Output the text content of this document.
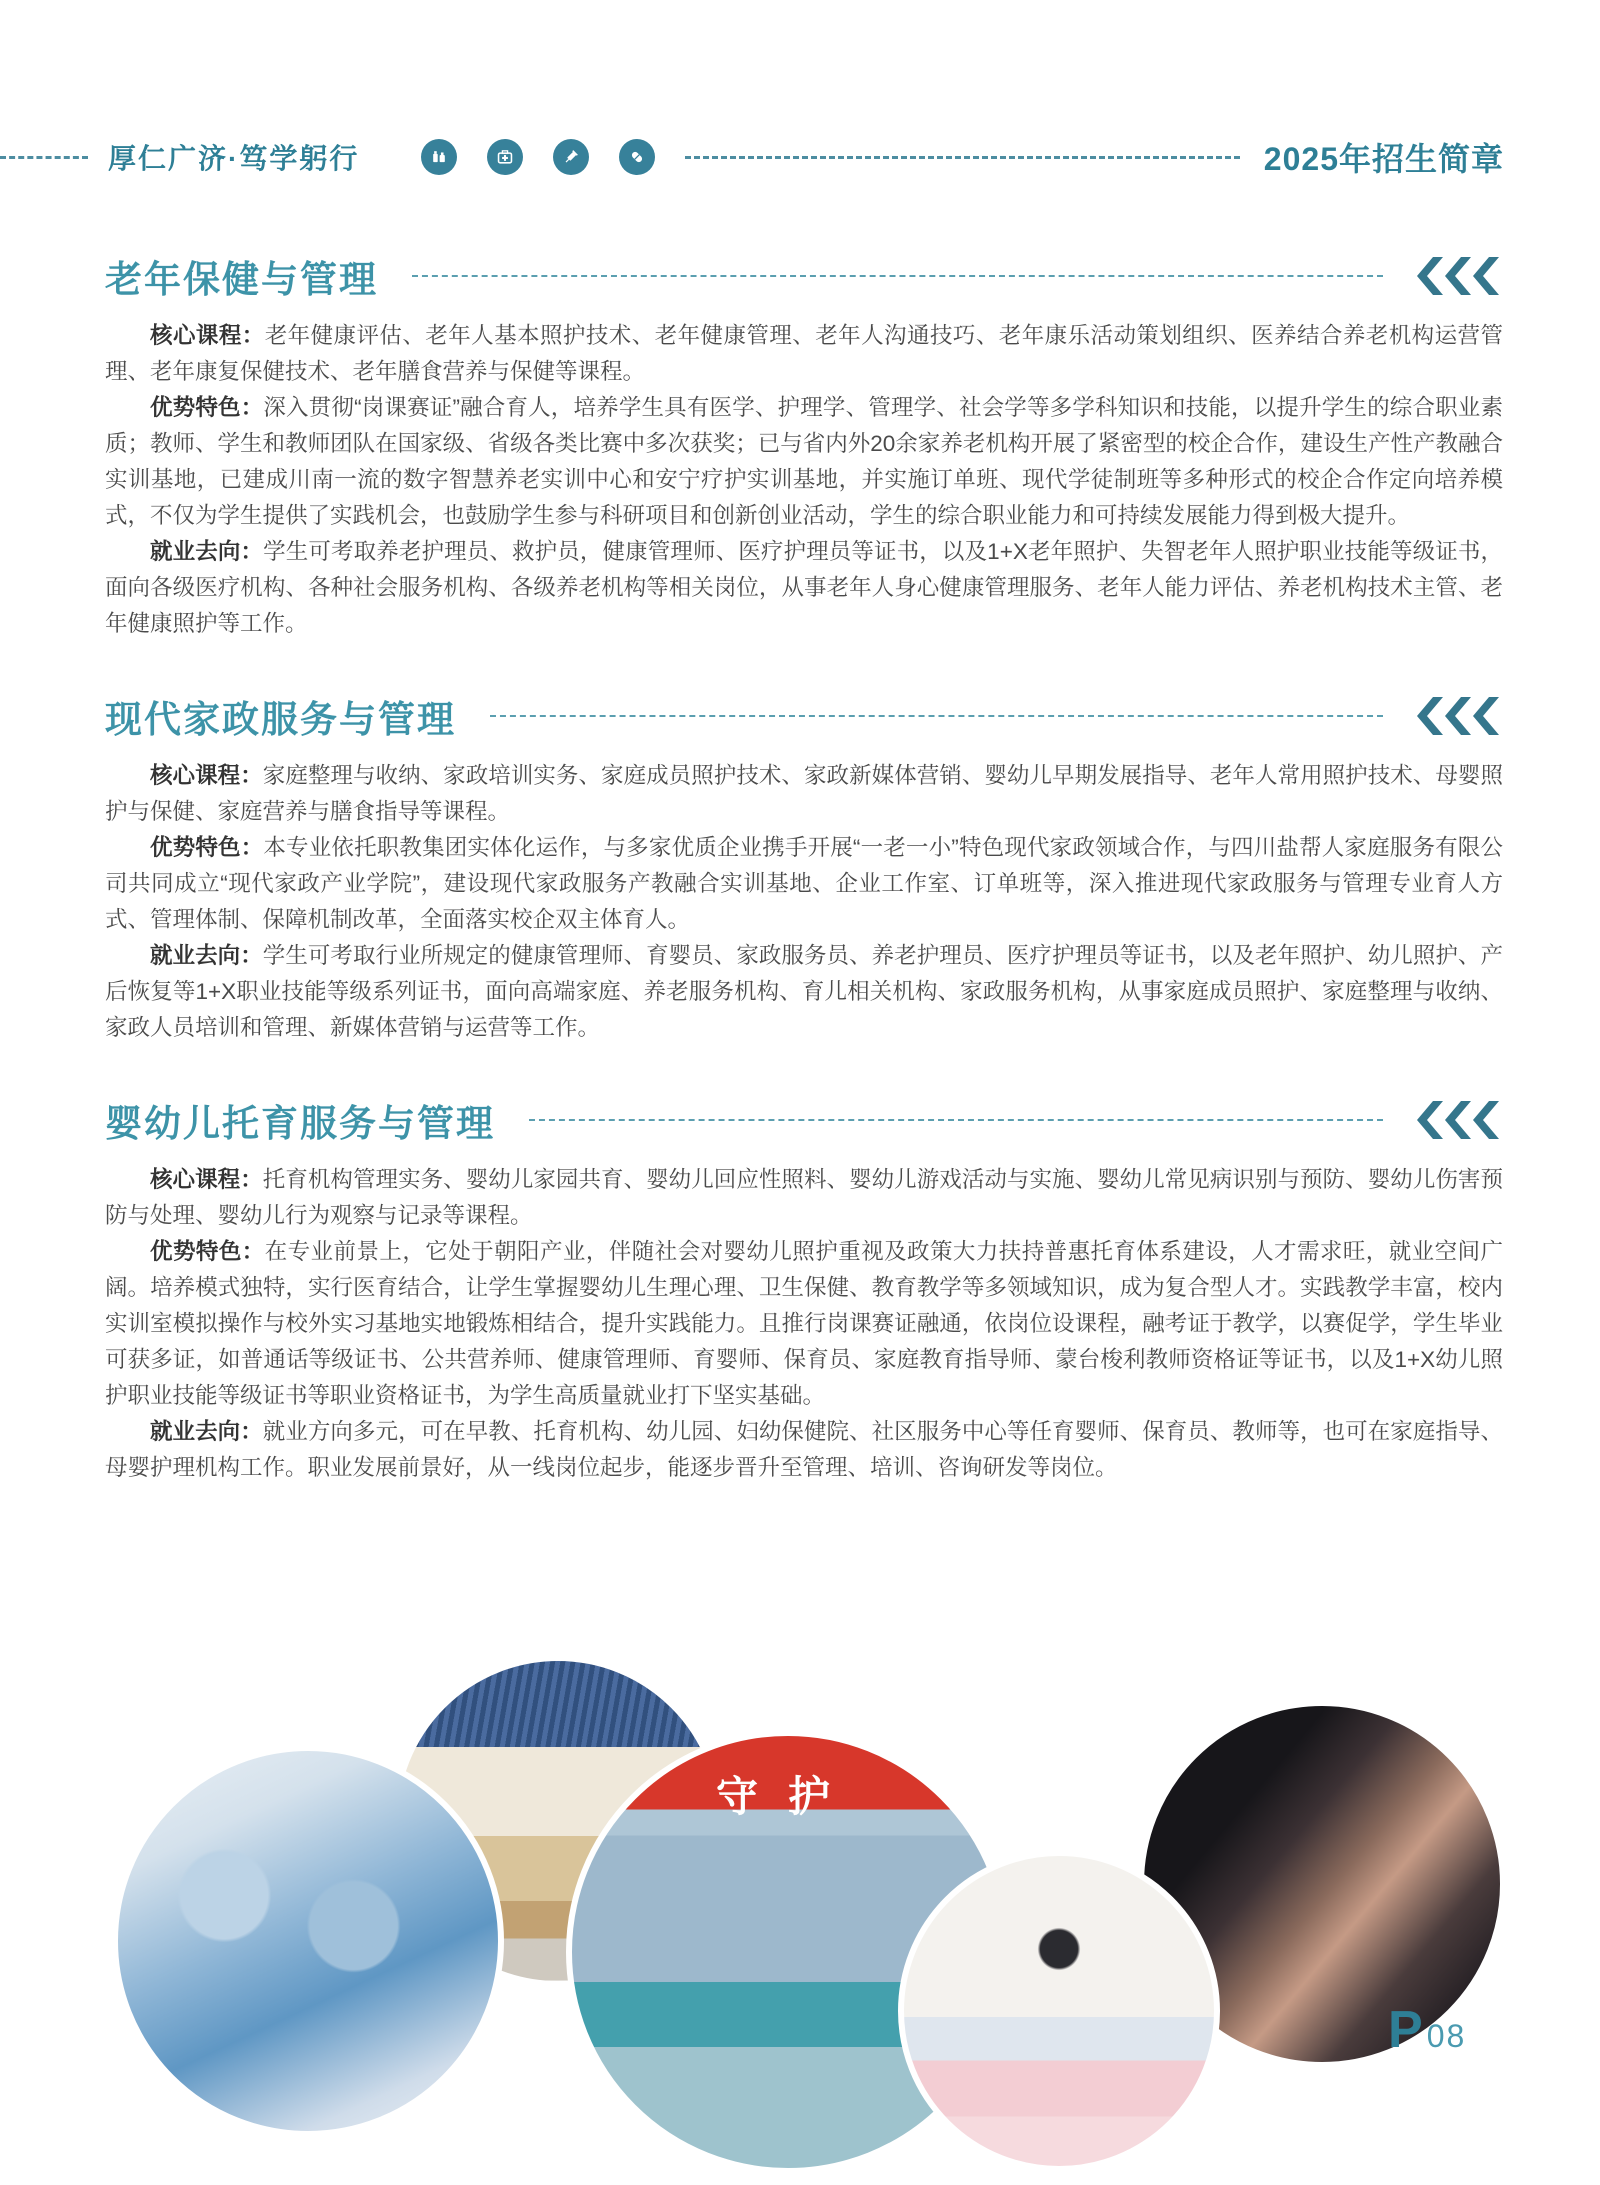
厚仁广济·笃学躬行	2025年招生简章
守护
老年保健与管理

核心课程：老年健康评估、老年人基本照护技术、老年健康管理、老年人沟通技巧、老年康乐活动策划组织、医养结合养老机构运营管理、老年康复保健技术、老年膳食营养与保健等课程。

优势特色：深入贯彻“岗课赛证”融合育人，培养学生具有医学、护理学、管理学、社会学等多学科知识和技能，以提升学生的综合职业素质；教师、学生和教师团队在国家级、省级各类比赛中多次获奖；已与省内外20余家养老机构开展了紧密型的校企合作，建设生产性产教融合实训基地，已建成川南一流的数字智慧养老实训中心和安宁疗护实训基地，并实施订单班、现代学徒制班等多种形式的校企合作定向培养模式，不仅为学生提供了实践机会，也鼓励学生参与科研项目和创新创业活动，学生的综合职业能力和可持续发展能力得到极大提升。

就业去向：学生可考取养老护理员、救护员，健康管理师、医疗护理员等证书，以及1+X老年照护、失智老年人照护职业技能等级证书，面向各级医疗机构、各种社会服务机构、各级养老机构等相关岗位，从事老年人身心健康管理服务、老年人能力评估、养老机构技术主管、老年健康照护等工作。

现代家政服务与管理

核心课程：家庭整理与收纳、家政培训实务、家庭成员照护技术、家政新媒体营销、婴幼儿早期发展指导、老年人常用照护技术、母婴照护与保健、家庭营养与膳食指导等课程。

优势特色：本专业依托职教集团实体化运作，与多家优质企业携手开展“一老一小”特色现代家政领域合作，与四川盐帮人家庭服务有限公司共同成立“现代家政产业学院”，建设现代家政服务产教融合实训基地、企业工作室、订单班等，深入推进现代家政服务与管理专业育人方式、管理体制、保障机制改革，全面落实校企双主体育人。

就业去向：学生可考取行业所规定的健康管理师、育婴员、家政服务员、养老护理员、医疗护理员等证书，以及老年照护、幼儿照护、产后恢复等1+X职业技能等级系列证书，面向高端家庭、养老服务机构、育儿相关机构、家政服务机构，从事家庭成员照护、家庭整理与收纳、家政人员培训和管理、新媒体营销与运营等工作。

婴幼儿托育服务与管理

核心课程：托育机构管理实务、婴幼儿家园共育、婴幼儿回应性照料、婴幼儿游戏活动与实施、婴幼儿常见病识别与预防、婴幼儿伤害预防与处理、婴幼儿行为观察与记录等课程。

优势特色：在专业前景上，它处于朝阳产业，伴随社会对婴幼儿照护重视及政策大力扶持普惠托育体系建设，人才需求旺，就业空间广阔。培养模式独特，实行医育结合，让学生掌握婴幼儿生理心理、卫生保健、教育教学等多领域知识，成为复合型人才。实践教学丰富，校内实训室模拟操作与校外实习基地实地锻炼相结合，提升实践能力。且推行岗课赛证融通，依岗位设课程，融考证于教学，以赛促学，学生毕业可获多证，如普通话等级证书、公共营养师、健康管理师、育婴师、保育员、家庭教育指导师、蒙台梭利教师资格证等证书，以及1+X幼儿照护职业技能等级证书等职业资格证书，为学生高质量就业打下坚实基础。

就业去向：就业方向多元，可在早教、托育机构、幼儿园、妇幼保健院、社区服务中心等任育婴师、保育员、教师等，也可在家庭指导、母婴护理机构工作。职业发展前景好，从一线岗位起步，能逐步晋升至管理、培训、咨询研发等岗位。

P 08
